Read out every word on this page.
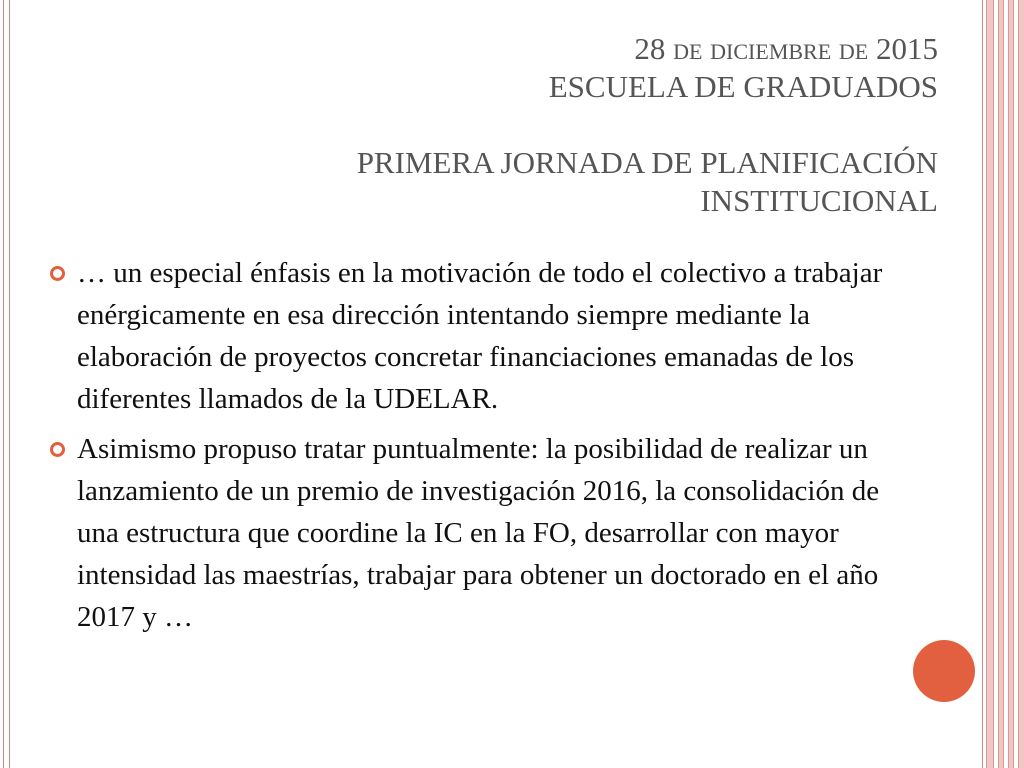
28 de diciembre de 2015
ESCUELA DE GRADUADOS
PRIMERA JORNADA DE PLANIFICACIÓN INSTITUCIONAL
… un especial énfasis en la motivación de todo el colectivo a trabajar enérgicamente en esa dirección intentando siempre mediante la elaboración de proyectos concretar financiaciones emanadas de los diferentes llamados de la UDELAR.
Asimismo propuso tratar puntualmente: la posibilidad de realizar un lanzamiento de un premio de investigación 2016, la consolidación de una estructura que coordine la IC en la FO, desarrollar con mayor intensidad las maestrías, trabajar para obtener un doctorado en el año 2017 y …
